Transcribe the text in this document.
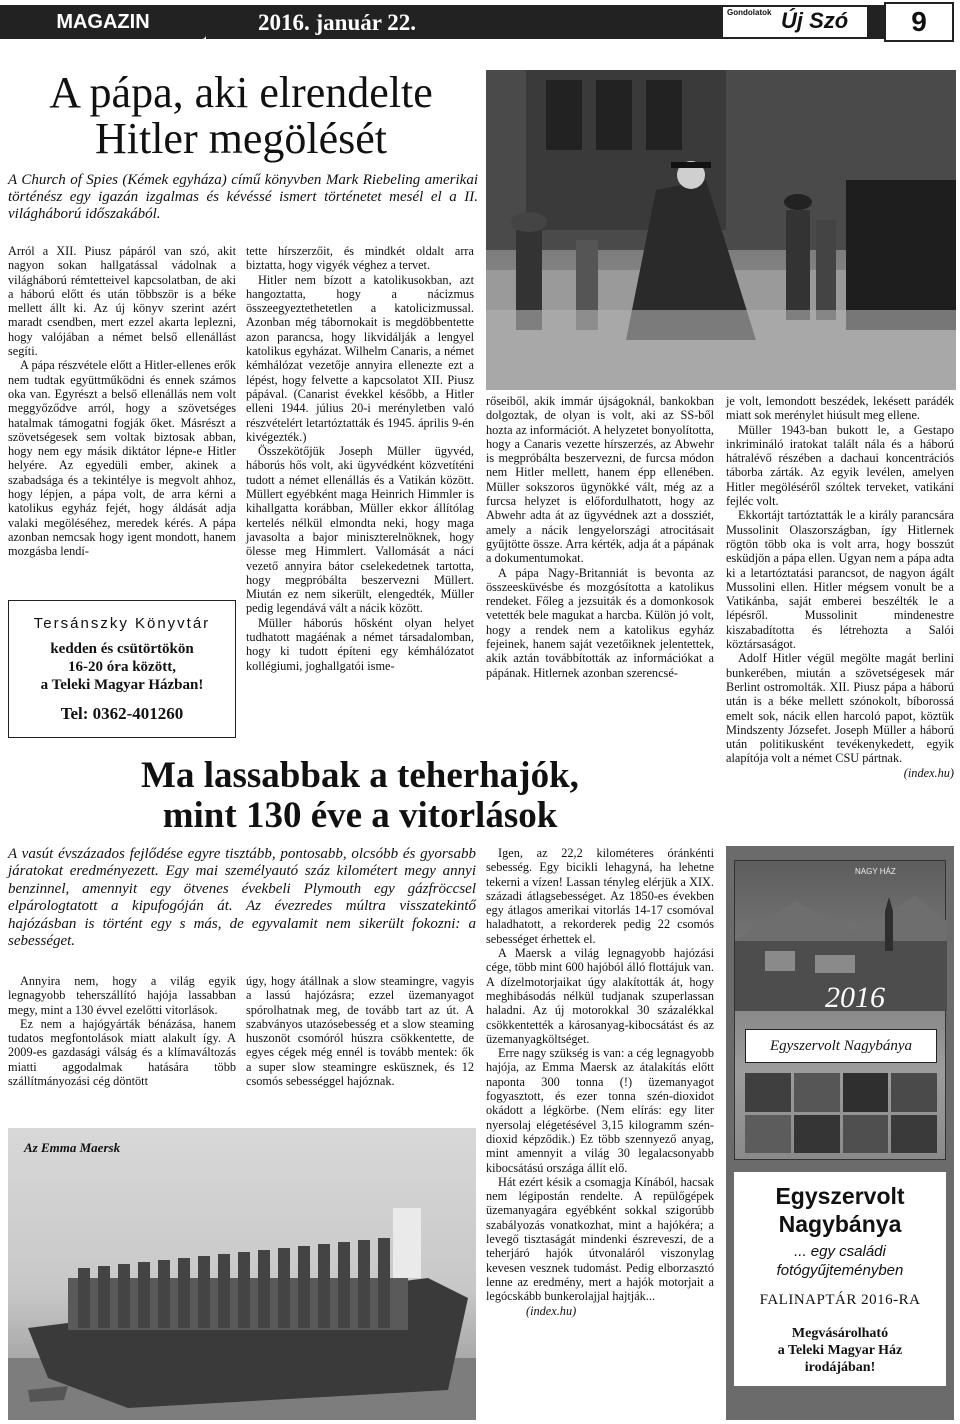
MAGAZIN	2016. január 22.	Gondolatok Új Szó	9
A pápa, aki elrendelte
Hitler megölését
A Church of Spies (Kémek egyháza) című könyvben Mark Riebeling amerikai történész egy igazán izgalmas és kévéssé ismert történetet mesél el a II. világháború időszakából.

Arról a XII. Piusz pápáról van szó, akit nagyon sokan hallgatással vádolnak a világháború rémtetteivel kapcsolatban, de aki a háború előtt és után többször is a béke mellett állt ki. Az új könyv szerint azért maradt csendben, mert ezzel akarta leplezni, hogy valójában a német belső ellenállást segíti.

A pápa részvétele előtt a Hitler-ellenes erők nem tudtak együttműködni és ennek számos oka van. Egyrészt a belső ellenállás nem volt meggyőződve arról, hogy a szövetséges hatalmak támogatni fogják őket. Másrészt a szövetségesek sem voltak biztosak abban, hogy nem egy másik diktátor lépne-e Hitler helyére. Az egyedüli ember, akinek a szabadsága és a tekintélye is megvolt ahhoz, hogy lépjen, a pápa volt, de arra kérni a katolikus egyház fejét, hogy áldását adja valaki megöléséhez, meredek kérés. A pápa azonban nemcsak hogy igent mondott, hanem mozgásba lendí-

tette hírszerzőit, és mindkét oldalt arra biztatta, hogy vigyék véghez a tervet.

Hitler nem bízott a katolikusokban, azt hangoztatta, hogy a nácizmus összeegyeztethetetlen a katolicizmussal. Azonban még tábornokait is megdöbbentette azon parancsa, hogy likvidálják a lengyel katolikus egyházat. Wilhelm Canaris, a német kémhálózat vezetője annyira ellenezte ezt a lépést, hogy felvette a kapcsolatot XII. Piusz pápával. (Canarist évekkel később, a Hitler elleni 1944. július 20-i merényletben való részvételért letartóztatták és 1945. április 9-én kivégezték.)

Összekötőjük Joseph Müller ügyvéd, háborús hős volt, aki ügyvédként közvetíténi tudott a német ellenállás és a Vatikán között. Müllert egyébként maga Heinrich Himmler is kihallgatta korábban, Müller ekkor állítólag kertelés nélkül elmondta neki, hogy maga javasolta a bajor miniszterelnöknek, hogy ölesse meg Himmlert. Vallomását a náci vezető annyira bátor cselekedetnek tartotta, hogy megpróbálta beszervezni Müllert. Miután ez nem sikerült, elengedték, Müller pedig legendává vált a nácik között.

Müller háborús hősként olyan helyet tudhatott magáénak a német társadalomban, hogy ki tudott építeni egy kémhálózatot kollégiumi, joghallgatói isme-

rőseiből, akik immár újságoknál, bankokban dolgoztak, de olyan is volt, aki az SS-ből hozta az információt. A helyzetet bonyolította, hogy a Canaris vezette hírszerzés, az Abwehr is megpróbálta beszervezni, de furcsa módon nem Hitler mellett, hanem épp ellenében. Müller sokszoros ügynökké vált, még az a furcsa helyzet is előfordulhatott, hogy az Abwehr adta át az ügyvédnek azt a dossziét, amely a nácik lengyelországi atrocitásait gyűjtötte össze. Arra kérték, adja át a pápának a dokumentumokat.

A pápa Nagy-Britanniát is bevonta az összeesküvésbe és mozgósította a katolikus rendeket. Főleg a jezsuiták és a domonkosok vetették bele magukat a harcba. Külön jó volt, hogy a rendek nem a katolikus egyház fejeinek, hanem saját vezetőiknek jelentettek, akik aztán továbbították az információkat a pápának. Hitlernek azonban szerencsé-

je volt, lemondott beszédek, lekésett parádék miatt sok merénylet hiúsult meg ellene.

Müller 1943-ban bukott le, a Gestapo inkrimináló iratokat talált nála és a háború hátralévő részében a dachaui koncentrációs táborba zárták. Az egyik levélen, amelyen Hitler megöléséről szóltek terveket, vatikáni fejléc volt.

Ekkortájt tartóztatták le a király parancsára Mussolinit Olaszországban, így Hitlernek rögtön több oka is volt arra, hogy bosszút esküdjön a pápa ellen. Ugyan nem a pápa adta ki a letartóztatási parancsot, de nagyon ágált Mussolini ellen. Hitler mégsem vonult be a Vatikánba, saját emberei beszélték le a lépésről. Mussolinit mindenestre kiszabadította és létrehozta a Salói köztársaságot.

Adolf Hitler végül megölte magát berlini bunkerében, miután a szövetségesek már Berlint ostromolták. XII. Piusz pápa a háború után is a béke mellett szónokolt, bíborossá emelt sok, nácik ellen harcoló papot, köztük Mindszenty Józsefet. Joseph Müller a háború után politikusként tevékenykedett, egyik alapítója volt a német CSU pártnak.

(index.hu)

Tersánszky Könyvtár
kedden és csütörtökön
16-20 óra között,
a Teleki Magyar Házban!
Tel: 0362-401260
Ma lassabbak a teherhajók,
mint 130 éve a vitorlások
A vasút évszázados fejlődése egyre tisztább, pontosabb, olcsóbb és gyorsabb járatokat eredményezett. Egy mai személyautó száz kilométert megy annyi benzinnel, amennyit egy ötvenes évekbeli Plymouth egy gázfröccsel elpárologtatott a kipufogóján át. Az évezredes múltra visszatekintő hajózásban is történt egy s más, de egyvalamit nem sikerült fokozni: a sebességet.

Annyira nem, hogy a világ egyik legnagyobb teherszállító hajója lassabban megy, mint a 130 évvel ezelőtti vitorlások.

Ez nem a hajógyárták bénázása, hanem tudatos megfontolások miatt alakult így. A 2009-es gazdasági válság és a klímaváltozás miatti aggodalmak hatására több szállítmányozási cég döntött

úgy, hogy átállnak a slow steamingre, vagyis a lassú hajózásra; ezzel üzemanyagot spórolhatnak meg, de tovább tart az út. A szabványos utazósebesség et a slow steaming huszonöt csomóról húszra csökkentette, de egyes cégek még ennél is tovább mentek: ők a super slow steamingre esküsznek, és 12 csomós sebességgel hajóznak.

Igen, az 22,2 kilométeres óránkénti sebesség. Egy bicikli lehagyná, ha lehetne tekerni a vízen! Lassan tényleg elérjük a XIX. századi átlagsebességet. Az 1850-es években egy átlagos amerikai vitorlás 14-17 csomóval haladhatott, a rekorderek pedig 22 csomós sebességet érhettek el.

A Maersk a világ legnagyobb hajózási cége, több mint 600 hajóból álló flottájuk van. A dízelmotorjaikat úgy alakították át, hogy meghibásodás nélkül tudjanak szuperlassan haladni. Az új motorokkal 30 százalékkal csökkentették a károsanyag-kibocsátást és az üzemanyagköltséget.

Erre nagy szükség is van: a cég legnagyobb hajója, az Emma Maersk az átalakítás előtt naponta 300 tonna (!) üzemanyagot fogyasztott, és ezer tonna szén-dioxidot okádott a légkörbe. (Nem elírás: egy liter nyersolaj elégetésével 3,15 kilogramm szén-dioxid képződik.) Ez több szennyező anyag, mint amennyit a világ 30 legalacsonyabb kibocsátású országa állít elő.

Hát ezért késik a csomagja Kínából, hacsak nem légipostán rendelte. A repülőgépek üzemanyagára egyébként sokkal szigorúbb szabályozás vonatkozhat, mint a hajókéra; a levegő tisztaságát mindenki észreveszi, de a teherjáró hajók útvonaláról viszonylag kevesen vesznek tudomást. Pedig elborzasztó lenne az eredmény, mert a hajók motorjait a legócskább bunkerolajjal hajtják...

(index.hu)

Az Emma Maersk
NAGY HÁZ
2016
Egyszervolt Nagybánya
Egyszervolt
Nagybánya
... egy családi
fotógyűjteményben
FALINAPTÁR 2016-RA
Megvásárolható
a Teleki Magyar Ház
irodájában!
